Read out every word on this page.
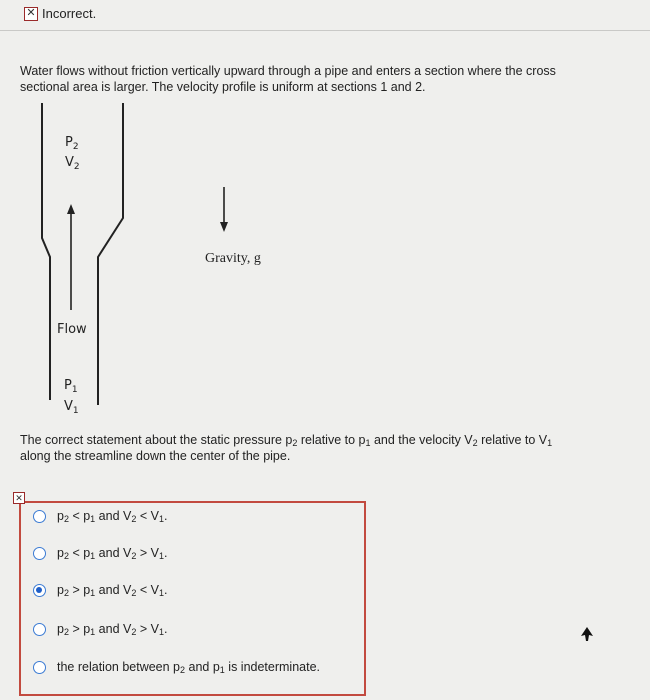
✕ Incorrect.
Water flows without friction vertically upward through a pipe and enters a section where the cross
sectional area is larger. The velocity profile is uniform at sections 1 and 2.
$P_2$
$V_2$
Gravity, g
Flow
$P_1$
$V_1$
The correct statement about the static pressure $p_2$ relative to $p_1$ and the velocity $V_2$ relative to $V_1$
along the streamline down the center of the pipe.
✕
$p_2 < p_1$ and $V_2 < V_1$.
$p_2 < p_1$ and $V_2 > V_1$.
$p_2 > p_1$ and $V_2 < V_1$.
$p_2 > p_1$ and $V_2 > V_1$.
the relation between $p_2$ and $p_1$ is indeterminate.
